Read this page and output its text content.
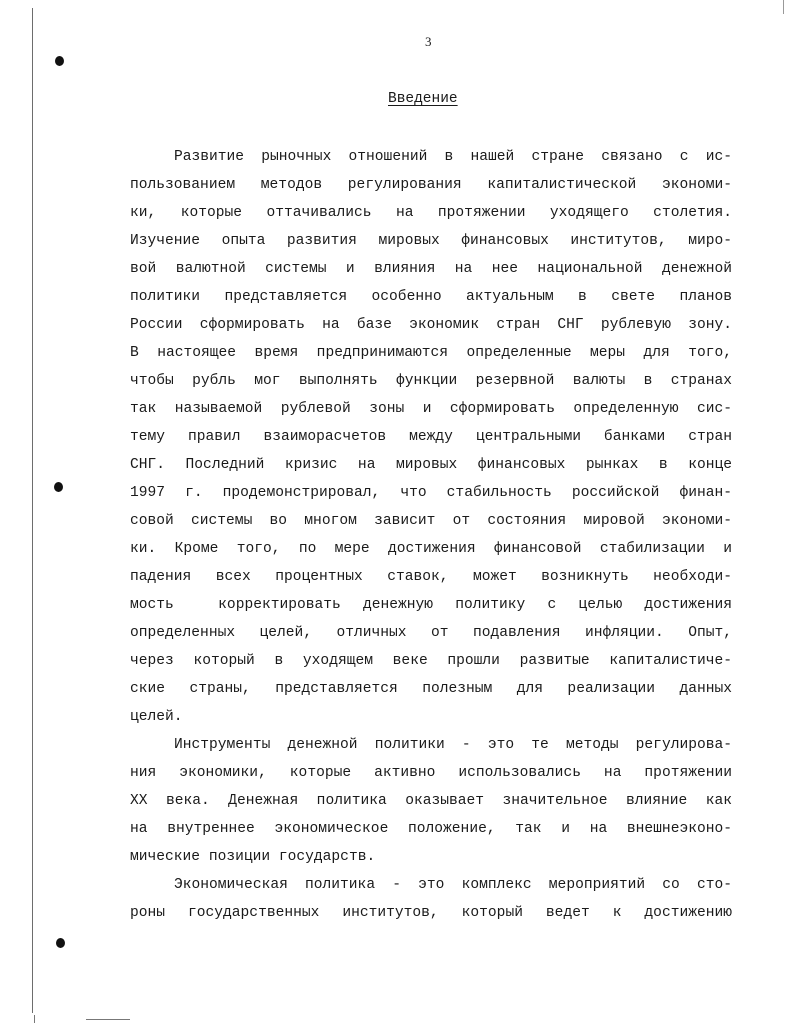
3
Введение
Развитие рыночных отношений в нашей стране связано с ис-
пользованием методов регулирования капиталистической экономи-
ки, которые оттачивались на протяжении уходящего столетия.
Изучение опыта развития мировых финансовых институтов, миро-
вой валютной системы и влияния на нее национальной денежной
политики представляется особенно актуальным в свете планов
России сформировать на базе экономик стран СНГ рублевую зону.
В настоящее время предпринимаются определенные меры для того,
чтобы рубль мог выполнять функции резервной валюты в странах
так называемой рублевой зоны и сформировать определенную сис-
тему правил взаиморасчетов между центральными банками стран
СНГ. Последний кризис на мировых финансовых рынках в конце
1997 г. продемонстрировал, что стабильность российской финан-
совой системы во многом зависит от состояния мировой экономи-
ки. Кроме того, по мере достижения финансовой стабилизации и
падения всех процентных ставок, может возникнуть необходи-
мость  корректировать денежную политику с целью достижения
определенных целей, отличных от подавления инфляции. Опыт,
через который в уходящем веке прошли развитые капиталистиче-
ские страны, представляется полезным для реализации данных
целей.
Инструменты денежной политики - это те методы регулирова-
ния экономики, которые активно использовались на протяжении
XX века. Денежная политика оказывает значительное влияние как
на внутреннее экономическое положение, так и на внешнеэконо-
мические позиции государств.
Экономическая политика - это комплекс мероприятий со сто-
роны государственных институтов, который ведет к достижению
